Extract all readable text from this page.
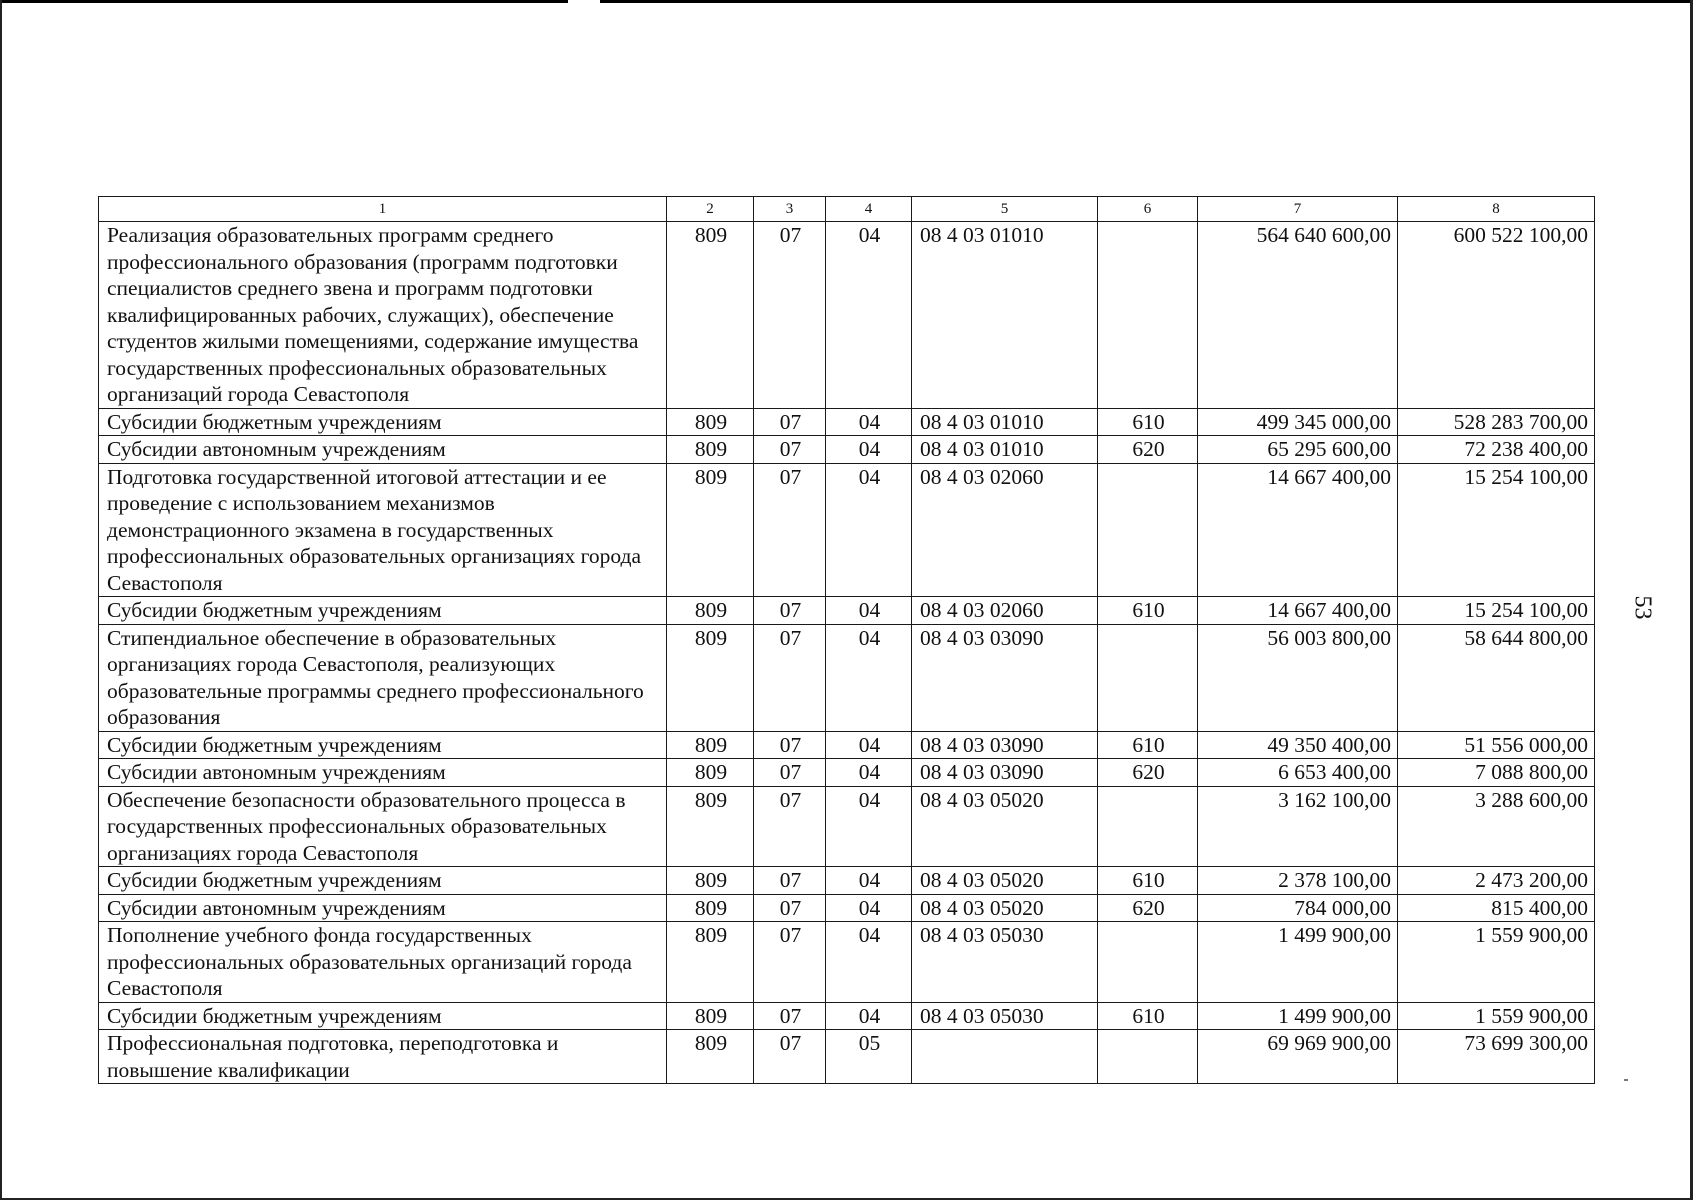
1	2	3	4	5	6	7	8
Реализация образовательных программ среднего профессионального образования (программ подготовки специалистов среднего звена и программ подготовки квалифицированных рабочих, служащих), обеспечение студентов жилыми помещениями, содержание имущества государственных профессиональных образовательных организаций города Севастополя	809	07	04	08 4 03 01010		564 640 600,00	600 522 100,00
Субсидии бюджетным учреждениям	809	07	04	08 4 03 01010	610	499 345 000,00	528 283 700,00
Субсидии автономным учреждениям	809	07	04	08 4 03 01010	620	65 295 600,00	72 238 400,00
Подготовка государственной итоговой аттестации и ее проведение с использованием механизмов демонстрационного экзамена в государственных профессиональных образовательных организациях города Севастополя	809	07	04	08 4 03 02060		14 667 400,00	15 254 100,00
Субсидии бюджетным учреждениям	809	07	04	08 4 03 02060	610	14 667 400,00	15 254 100,00
Стипендиальное обеспечение в образовательных организациях города Севастополя, реализующих образовательные программы среднего профессионального образования	809	07	04	08 4 03 03090		56 003 800,00	58 644 800,00
Субсидии бюджетным учреждениям	809	07	04	08 4 03 03090	610	49 350 400,00	51 556 000,00
Субсидии автономным учреждениям	809	07	04	08 4 03 03090	620	6 653 400,00	7 088 800,00
Обеспечение безопасности образовательного процесса в государственных профессиональных образовательных организациях города Севастополя	809	07	04	08 4 03 05020		3 162 100,00	3 288 600,00
Субсидии бюджетным учреждениям	809	07	04	08 4 03 05020	610	2 378 100,00	2 473 200,00
Субсидии автономным учреждениям	809	07	04	08 4 03 05020	620	784 000,00	815 400,00
Пополнение учебного фонда государственных профессиональных образовательных организаций города Севастополя	809	07	04	08 4 03 05030		1 499 900,00	1 559 900,00
Субсидии бюджетным учреждениям	809	07	04	08 4 03 05030	610	1 499 900,00	1 559 900,00
Профессиональная подготовка, переподготовка и повышение квалификации	809	07	05			69 969 900,00	73 699 300,00
53
